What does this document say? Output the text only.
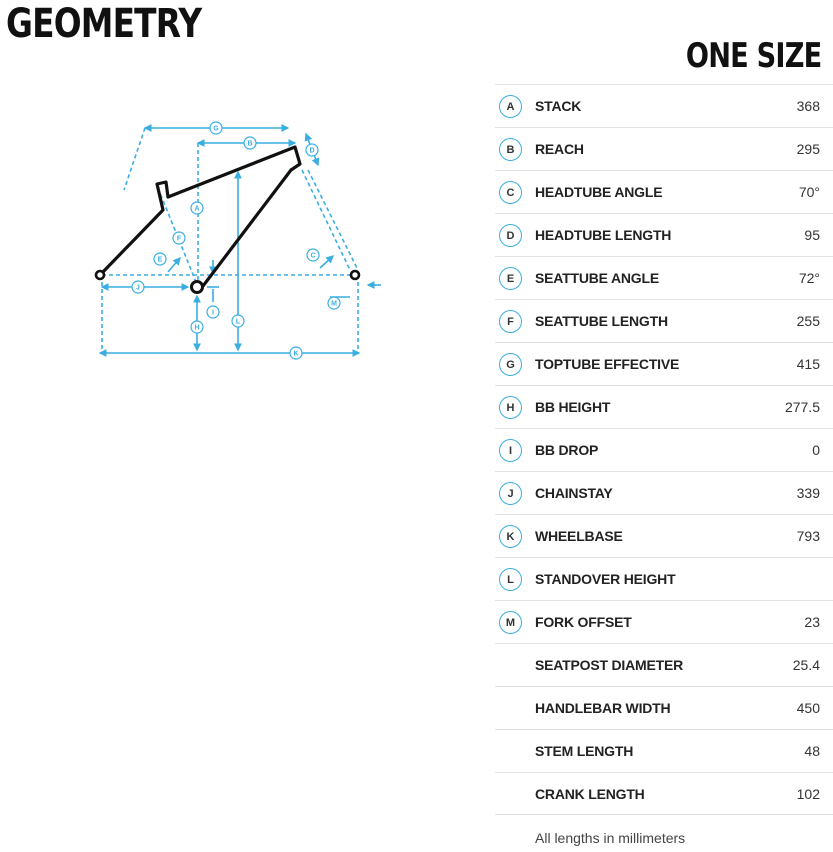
GEOMETRY
ONE SIZE
G
B
D
A
F
E
C
J
I
H
L
M
K
A	STACK	368
B	REACH	295
C	HEADTUBE ANGLE	70°
D	HEADTUBE LENGTH	95
E	SEATTUBE ANGLE	72°
F	SEATTUBE LENGTH	255
G	TOPTUBE EFFECTIVE	415
H	BB HEIGHT	277.5
I	BB DROP	0
J	CHAINSTAY	339
K	WHEELBASE	793
L	STANDOVER HEIGHT
M	FORK OFFSET	23
SEATPOST DIAMETER	25.4
HANDLEBAR WIDTH	450
STEM LENGTH	48
CRANK LENGTH	102
All lengths in millimeters
